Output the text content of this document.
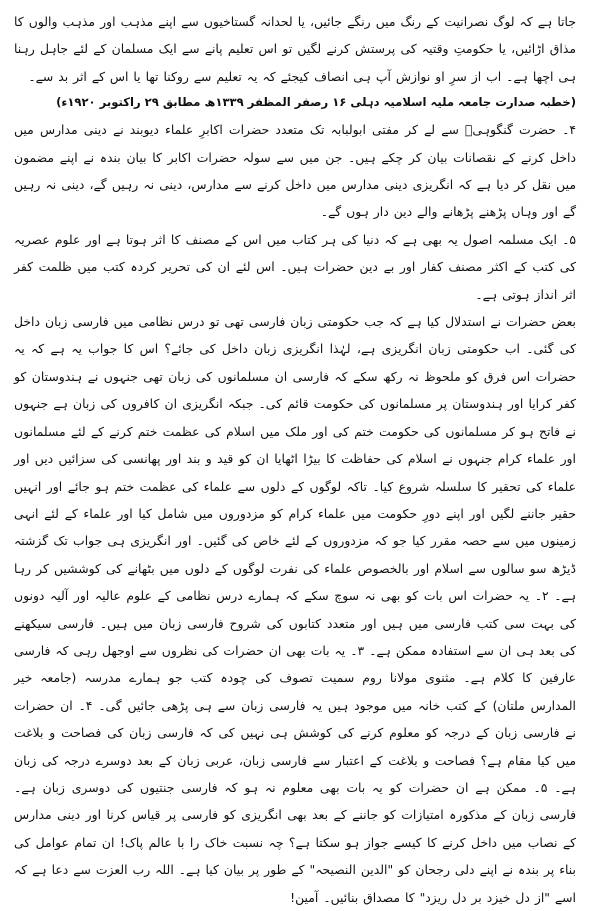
جاتا ہے کہ لوگ نصرانیت کے رنگ میں رنگے جائیں، یا لحدانہ گستاخیوں سے اپنے مذہب اور مذہب والوں کا مذاق اڑائیں، یا حکومتِ وقتیہ کی پرستش کرنے لگیں تو اس تعلیم پانے سے ایک مسلمان کے لئے جاہل رہنا ہی اچھا ہے۔ اب از سرِ او نوازش آپ ہی انصاف کیجئے کہ یہ تعلیم سے روکنا تھا یا اس کے اثر بد سے۔

(خطبہ صدارت جامعہ ملیہ اسلامیہ دہلی ۱۶ رصفر المظفر ۱۳۳۹ھ مطابق ۲۹ راکتوبر ۱۹۲۰ء)

۴۔ حضرت گنگوہیؒ سے لے کر مفتی ابولبابہ تک متعدد حضرات اکابرِ علماء دیوبند نے دینی مدارس میں داخل کرنے کے نقصانات بیان کر چکے ہیں۔ جن میں سے سولہ حضرات اکابر کا بیان بندہ نے اپنے مضمون میں نقل کر دیا ہے کہ انگریزی دینی مدارس میں داخل کرنے سے مدارس، دینی نہ رہیں گے، دینی نہ رہیں گے اور وہاں پڑھنے پڑھانے والے دین دار ہوں گے۔

۵۔ ایک مسلمہ اصول یہ بھی ہے کہ دنیا کی ہر کتاب میں اس کے مصنف کا اثر ہوتا ہے اور علوم عصریہ کی کتب کے اکثر مصنف کفار اور بے دین حضرات ہیں۔ اس لئے ان کی تحریر کردہ کتب میں ظلمت کفر اثر انداز ہوتی ہے۔

بعض حضرات نے استدلال کیا ہے کہ جب حکومتی زبان فارسی تھی تو درس نظامی میں فارسی زبان داخل کی گئی۔ اب حکومتی زبان انگریزی ہے، لہٰذا انگریزی زبان داخل کی جائے؟ اس کا جواب یہ ہے کہ یہ حضرات اس فرق کو ملحوظ نہ رکھ سکے کہ فارسی ان مسلمانوں کی زبان تھی جنہوں نے ہندوستان کو کفر کرایا اور ہندوستان پر مسلمانوں کی حکومت قائم کی۔ جبکہ انگریزی ان کافروں کی زبان ہے جنہوں نے فاتح ہو کر مسلمانوں کی حکومت ختم کی اور ملک میں اسلام کی عظمت ختم کرنے کے لئے مسلمانوں اور علماء کرام جنہوں نے اسلام کی حفاظت کا بیڑا اٹھایا ان کو قید و بند اور پھانسی کی سزائیں دیں اور علماء کی تحقیر کا سلسلہ شروع کیا۔ تاکہ لوگوں کے دلوں سے علماء کی عظمت ختم ہو جائے اور انہیں حقیر جاننے لگیں اور اپنے دورِ حکومت میں علماء کرام کو مزدوروں میں شامل کیا اور علماء کے لئے انہی زمینوں میں سے حصہ مقرر کیا جو کہ مزدوروں کے لئے خاص کی گئیں۔ اور انگریزی ہی جواب تک گزشتہ ڈیڑھ سو سالوں سے اسلام اور بالخصوص علماء کی نفرت لوگوں کے دلوں میں بٹھانے کی کوششیں کر رہا ہے۔ ۲۔ یہ حضرات اس بات کو بھی نہ سوچ سکے کہ ہمارے درس نظامی کے علوم عالیہ اور آلیہ دونوں کی بہت سی کتب فارسی میں ہیں اور متعدد کتابوں کی شروح فارسی زبان میں ہیں۔ فارسی سیکھنے کی بعد ہی ان سے استفادہ ممکن ہے۔ ۳۔ یہ بات بھی ان حضرات کی نظروں سے اوجھل رہی کہ فارسی عارفین کا کلام ہے۔ مثنوی مولانا روم سمیت تصوف کی چودہ کتب جو ہمارے مدرسہ (جامعہ خیر المدارس ملتان) کے کتب خانہ میں موجود ہیں یہ فارسی زبان سے ہی پڑھی جائیں گی۔ ۴۔ ان حضرات نے فارسی زبان کے درجہ کو معلوم کرنے کی کوشش ہی نہیں کی کہ فارسی زبان کی فصاحت و بلاغت میں کیا مقام ہے؟ فصاحت و بلاغت کے اعتبار سے فارسی زبان، عربی زبان کے بعد دوسرے درجہ کی زبان ہے۔ ۵۔ ممکن ہے ان حضرات کو یہ بات بھی معلوم نہ ہو کہ فارسی جنتیوں کی دوسری زبان ہے۔ فارسی زبان کے مذکورہ امتیازات کو جاننے کے بعد بھی انگریزی کو فارسی پر قیاس کرنا اور دینی مدارس کے نصاب میں داخل کرنے کا کیسے جواز ہو سکتا ہے؟ چہ نسبت خاک را با عالم پاک! ان تمام عوامل کی بناء پر بندہ نے اپنے دلی رجحان کو "الدین النصیحہ" کے طور پر بیان کیا ہے۔ اللہ رب العزت سے دعا ہے کہ اسے "از دل خیزد بر دل ریزد" کا مصداق بنائیں۔ آمین!
